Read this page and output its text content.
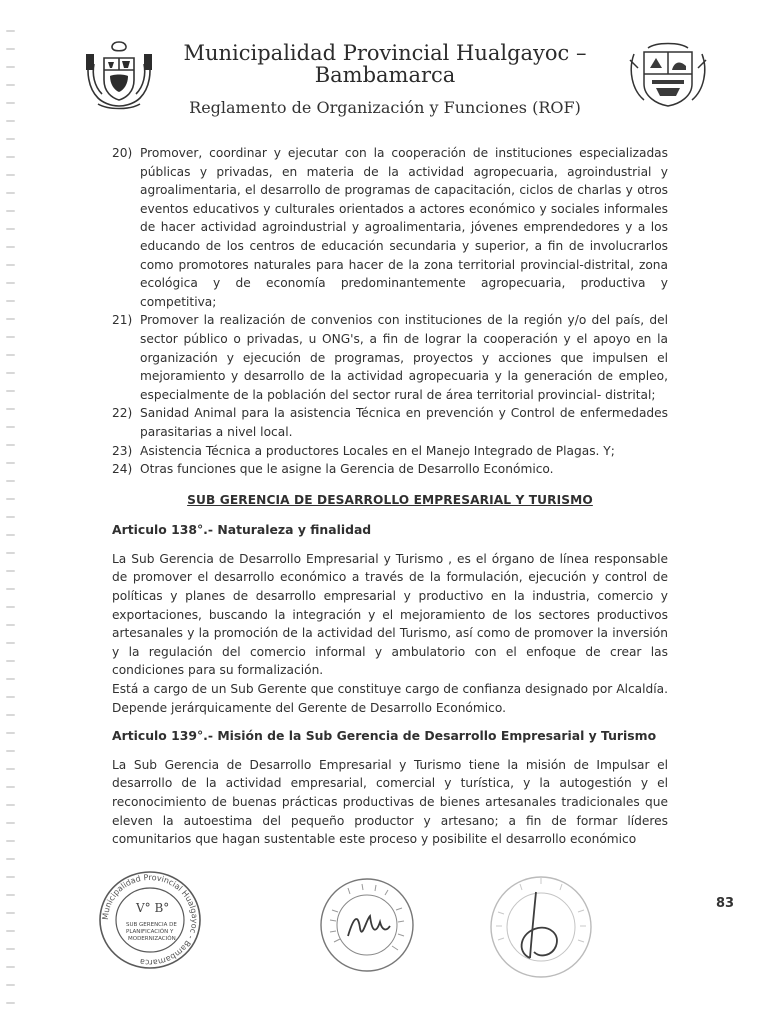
Municipalidad Provincial Hualgayoc –
Bambamarca
Reglamento de Organización y Funciones (ROF)
20) Promover, coordinar y ejecutar con la cooperación de instituciones especializadas públicas y privadas, en materia de la actividad agropecuaria, agroindustrial y agroalimentaria, el desarrollo de programas de capacitación, ciclos de charlas y otros eventos educativos y culturales orientados a actores económico y sociales informales de hacer actividad agroindustrial y agroalimentaria, jóvenes emprendedores y a los educando de los centros de educación secundaria y superior, a fin de involucrarlos como promotores naturales para hacer de la zona territorial provincial-distrital, zona ecológica y de economía predominantemente agropecuaria, productiva y competitiva;
21) Promover la realización de convenios con instituciones de la región y/o del país, del sector público o privadas, u ONG's, a fin de lograr la cooperación y el apoyo en la organización y ejecución de programas, proyectos y acciones que impulsen el mejoramiento y desarrollo de la actividad agropecuaria y la generación de empleo, especialmente de la población del sector rural de área territorial provincial- distrital;
22) Sanidad Animal para la asistencia Técnica en prevención y Control de enfermedades parasitarias a nivel local.
23) Asistencia Técnica a productores Locales en el Manejo Integrado de Plagas. Y;
24) Otras funciones que le asigne la Gerencia de Desarrollo Económico.
SUB GERENCIA DE DESARROLLO EMPRESARIAL Y TURISMO
Articulo 138°.- Naturaleza y finalidad

La Sub Gerencia de Desarrollo Empresarial y Turismo , es el órgano de línea responsable de promover el desarrollo económico a través de la formulación, ejecución y control de políticas y planes de desarrollo empresarial y productivo en la industria, comercio y exportaciones, buscando la integración y el mejoramiento de los sectores productivos artesanales y la promoción de la actividad del Turismo, así como de promover la inversión y la regulación del comercio informal y ambulatorio con el enfoque de crear las condiciones para su formalización.

Está a cargo de un Sub Gerente que constituye cargo de confianza designado por Alcaldía. Depende jerárquicamente del Gerente de Desarrollo Económico.

Articulo 139°.- Misión de la Sub Gerencia de Desarrollo Empresarial y Turismo

La Sub Gerencia de Desarrollo Empresarial y Turismo tiene la misión de Impulsar el desarrollo de la actividad empresarial, comercial y turística, y la autogestión y el reconocimiento de buenas prácticas productivas de bienes artesanales tradicionales que eleven la autoestima del pequeño productor y artesano; a fin de formar líderes comunitarios que hagan sustentable este proceso y posibilite el desarrollo económico

83
Municipalidad Provincial Hualgayoc - Bambamarca
V° B°
SUB GERENCIA DE
PLANIFICACIÓN Y
MODERNIZACIÓN
